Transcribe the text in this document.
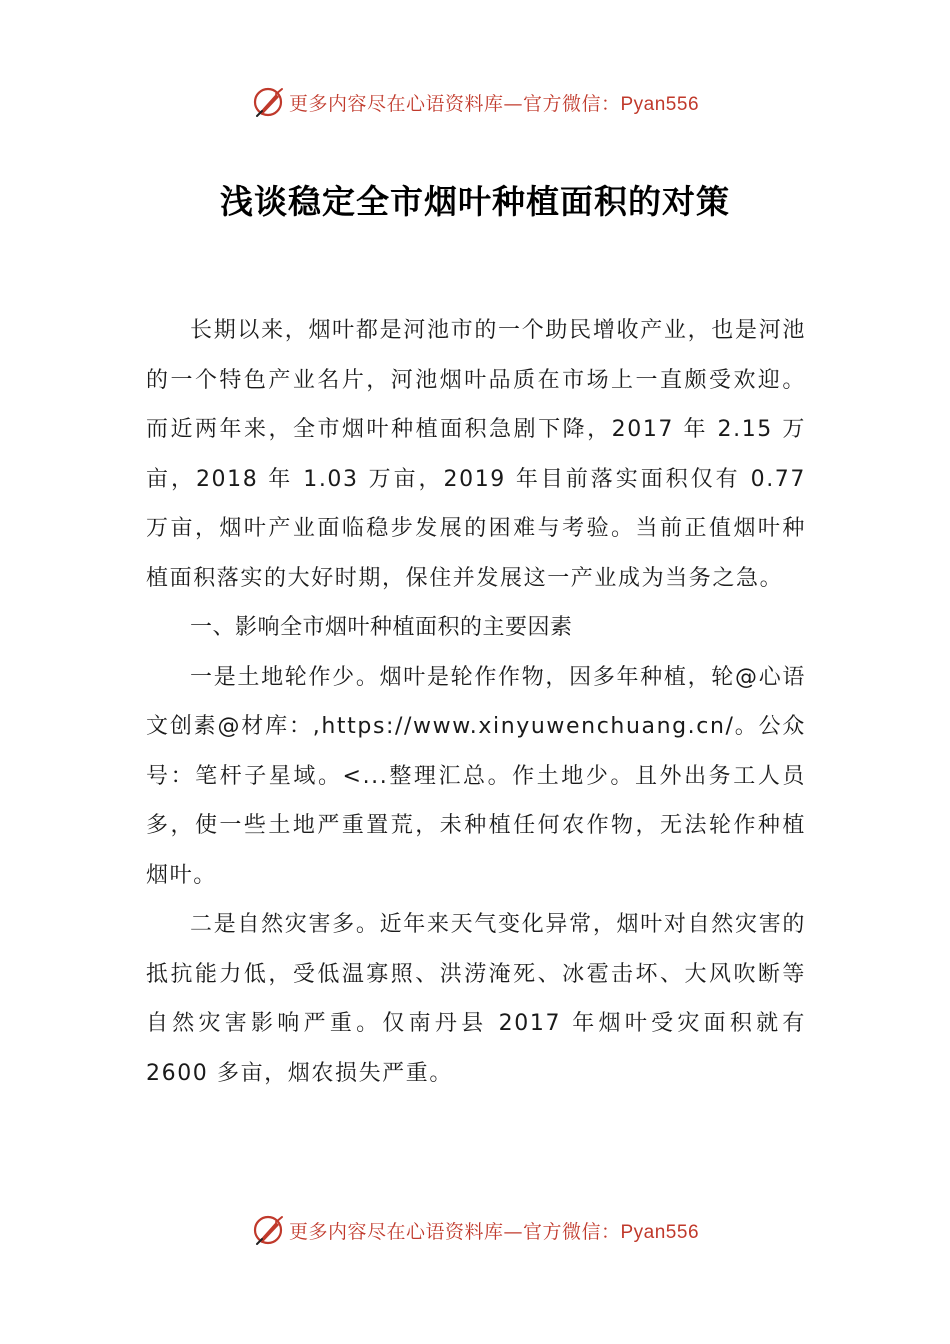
更多内容尽在心语资料库—官方微信：Pyan556
浅谈稳定全市烟叶种植面积的对策

长期以来，烟叶都是河池市的一个助民增收产业，也是河池的一个特色产业名片，河池烟叶品质在市场上一直颇受欢迎。而近两年来，全市烟叶种植面积急剧下降，2017 年 2.15 万亩，2018 年 1.03 万亩，2019 年目前落实面积仅有 0.77 万亩，烟叶产业面临稳步发展的困难与考验。当前正值烟叶种植面积落实的大好时期，保住并发展这一产业成为当务之急。

一、影响全市烟叶种植面积的主要因素

一是土地轮作少。烟叶是轮作作物，因多年种植，轮@心语文创素@材库：,https://www.xinyuwenchuang.cn/。公众号：笔杆子星域。<...整理汇总。作土地少。且外出务工人员多，使一些土地严重置荒，未种植任何农作物，无法轮作种植烟叶。

二是自然灾害多。近年来天气变化异常，烟叶对自然灾害的抵抗能力低，受低温寡照、洪涝淹死、冰雹击坏、大风吹断等自然灾害影响严重。仅南丹县 2017 年烟叶受灾面积就有 2600 多亩，烟农损失严重。

更多内容尽在心语资料库—官方微信：Pyan556
